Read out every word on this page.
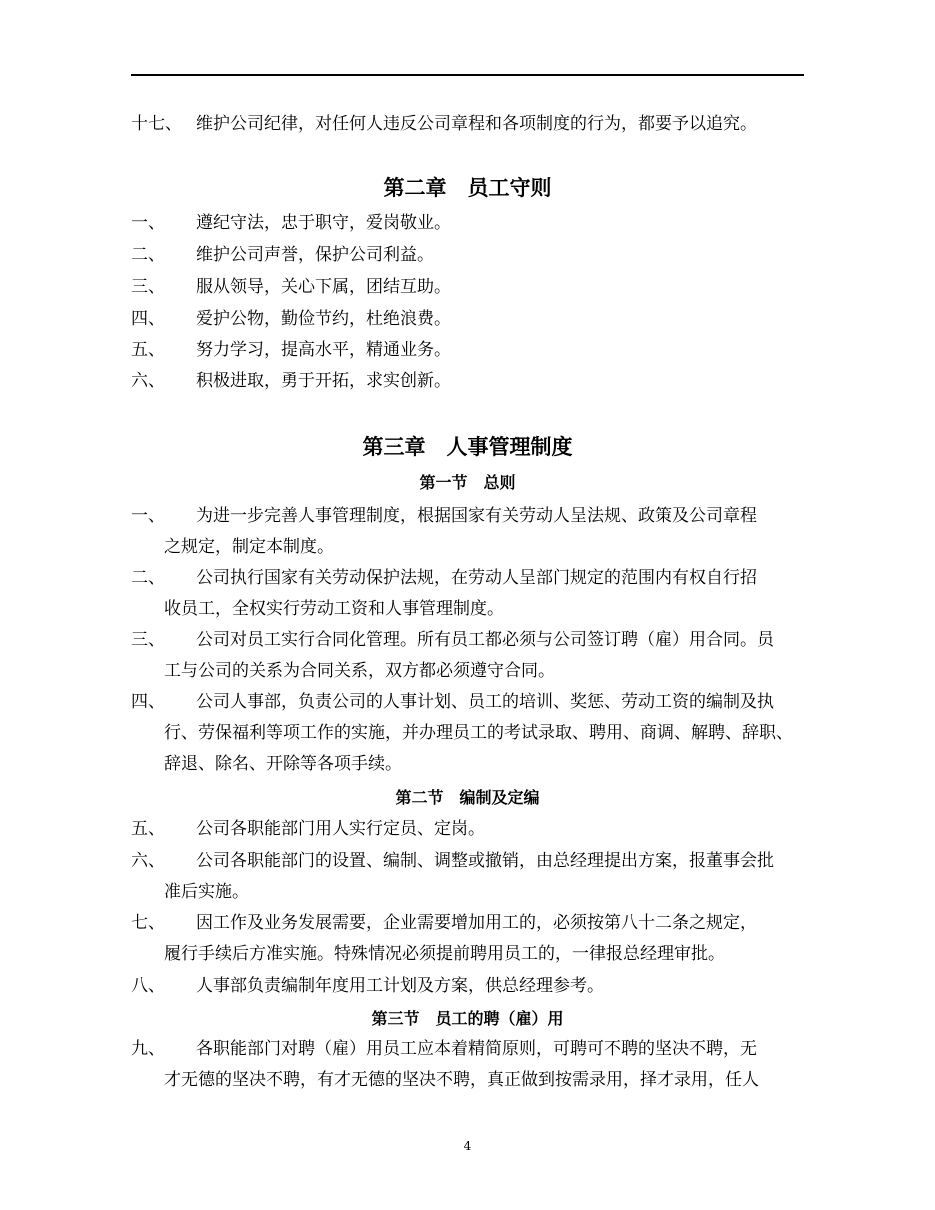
十七、 维护公司纪律，对任何人违反公司章程和各项制度的行为，都要予以追究。
第二章　员工守则
一、 遵纪守法，忠于职守，爱岗敬业。
二、 维护公司声誉，保护公司利益。
三、 服从领导，关心下属，团结互助。
四、 爱护公物，勤俭节约，杜绝浪费。
五、 努力学习，提高水平，精通业务。
六、 积极进取，勇于开拓，求实创新。
第三章　人事管理制度
第一节　总则
一、 为进一步完善人事管理制度，根据国家有关劳动人呈法规、政策及公司章程
之规定，制定本制度。
二、 公司执行国家有关劳动保护法规，在劳动人呈部门规定的范围内有权自行招
收员工，全权实行劳动工资和人事管理制度。
三、 公司对员工实行合同化管理。所有员工都必须与公司签订聘（雇）用合同。员
工与公司的关系为合同关系，双方都必须遵守合同。
四、 公司人事部，负责公司的人事计划、员工的培训、奖惩、劳动工资的编制及执
行、劳保福利等项工作的实施，并办理员工的考试录取、聘用、商调、解聘、辞职、
辞退、除名、开除等各项手续。
第二节　编制及定编
五、 公司各职能部门用人实行定员、定岗。
六、 公司各职能部门的设置、编制、调整或撤销，由总经理提出方案，报董事会批
准后实施。
七、 因工作及业务发展需要，企业需要增加用工的，必须按第八十二条之规定，
履行手续后方准实施。特殊情况必须提前聘用员工的，一律报总经理审批。
八、 人事部负责编制年度用工计划及方案，供总经理参考。
第三节　员工的聘（雇）用
九、 各职能部门对聘（雇）用员工应本着精简原则，可聘可不聘的坚决不聘，无
才无德的坚决不聘，有才无德的坚决不聘，真正做到按需录用，择才录用，任人
4
